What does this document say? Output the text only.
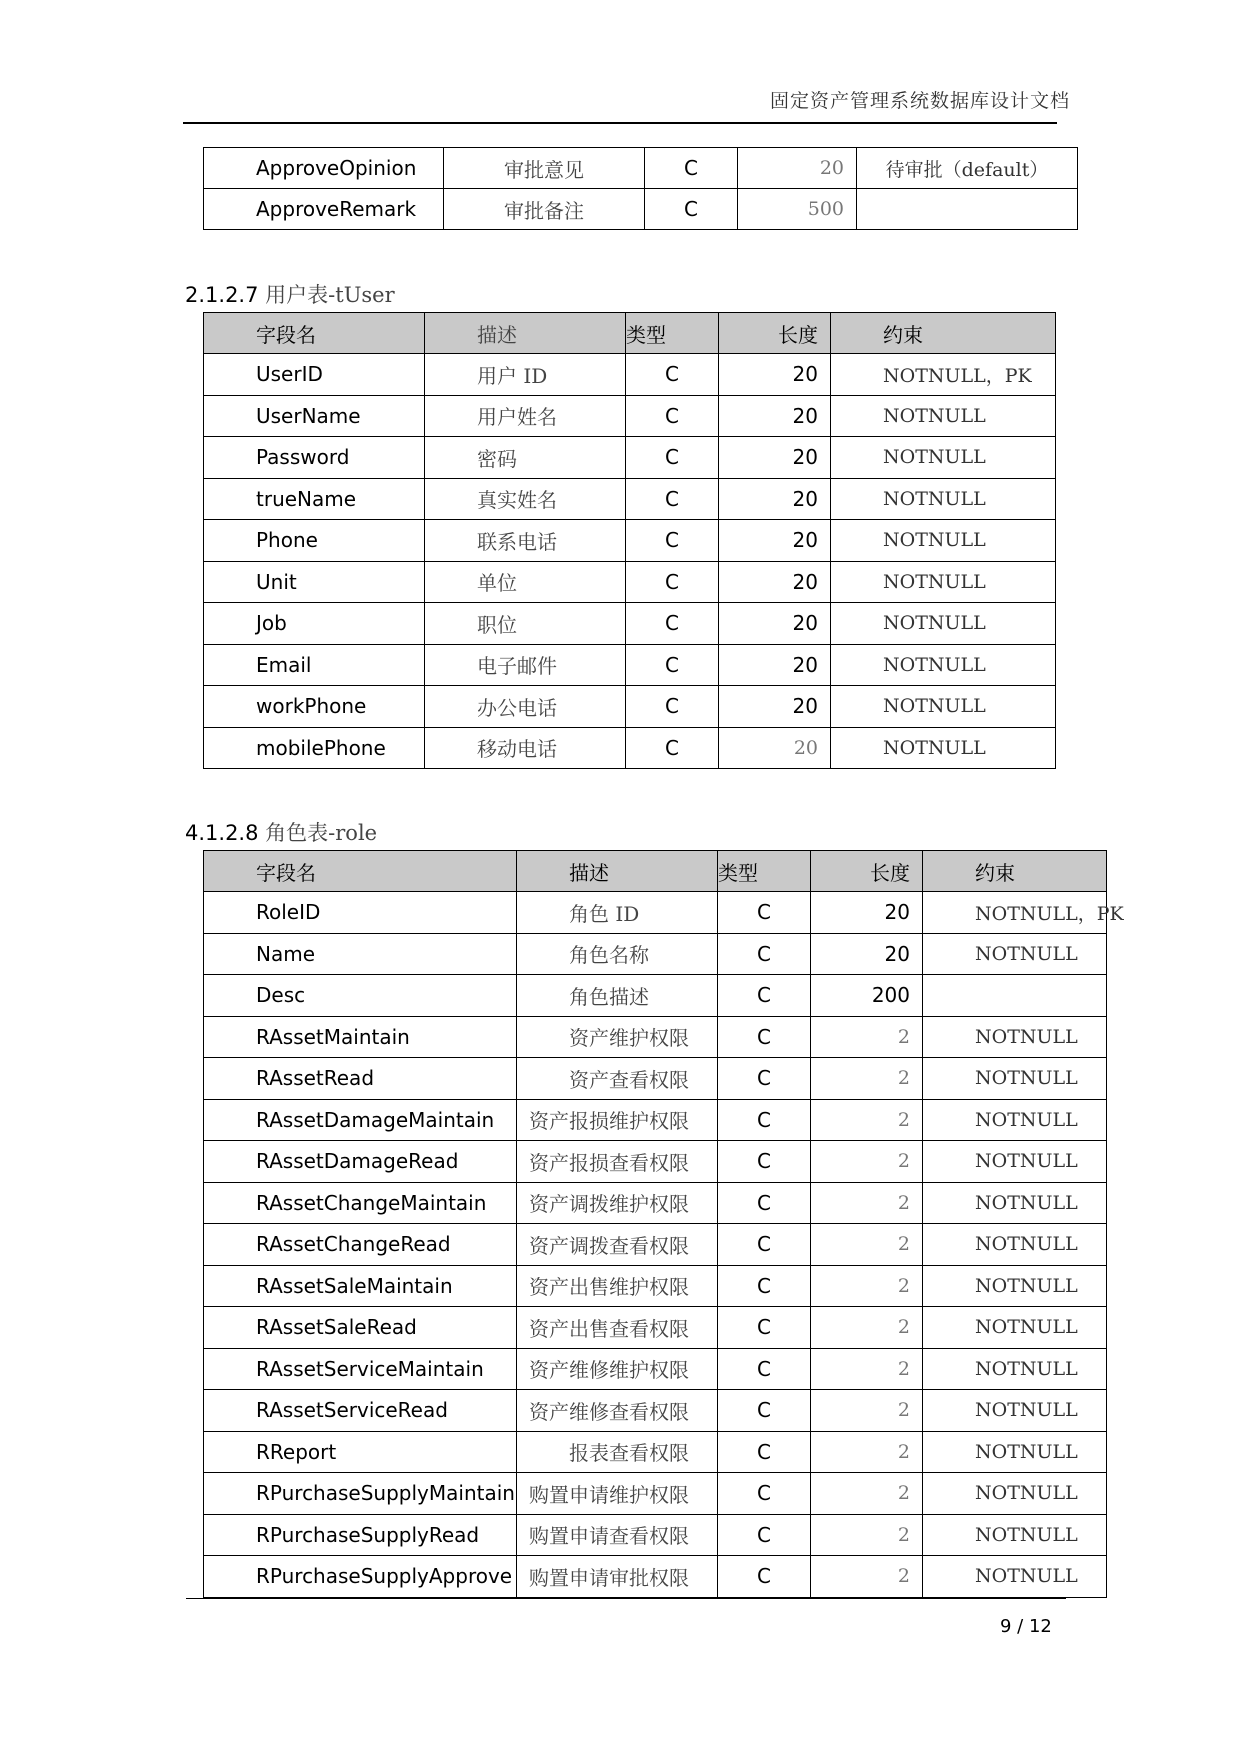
固定资产管理系统数据库设计文档
ApproveOpinion	审批意见	C	20	待审批（default）
ApproveRemark	审批备注	C	500	
2.1.2.7 用户表-tUser
字段名	描述	类型	长度	约束
UserID	用户 ID	C	20	NOTNULL，PK
UserName	用户姓名	C	20	NOTNULL
Password	密码	C	20	NOTNULL
trueName	真实姓名	C	20	NOTNULL
Phone	联系电话	C	20	NOTNULL
Unit	单位	C	20	NOTNULL
Job	职位	C	20	NOTNULL
Email	电子邮件	C	20	NOTNULL
workPhone	办公电话	C	20	NOTNULL
mobilePhone	移动电话	C	20	NOTNULL
4.1.2.8 角色表-role
字段名	描述	类型	长度	约束
RoleID	角色 ID	C	20	NOTNULL，PK
Name	角色名称	C	20	NOTNULL
Desc	角色描述	C	200	
RAssetMaintain	资产维护权限	C	2	NOTNULL
RAssetRead	资产查看权限	C	2	NOTNULL
RAssetDamageMaintain	资产报损维护权限	C	2	NOTNULL
RAssetDamageRead	资产报损查看权限	C	2	NOTNULL
RAssetChangeMaintain	资产调拨维护权限	C	2	NOTNULL
RAssetChangeRead	资产调拨查看权限	C	2	NOTNULL
RAssetSaleMaintain	资产出售维护权限	C	2	NOTNULL
RAssetSaleRead	资产出售查看权限	C	2	NOTNULL
RAssetServiceMaintain	资产维修维护权限	C	2	NOTNULL
RAssetServiceRead	资产维修查看权限	C	2	NOTNULL
RReport	报表查看权限	C	2	NOTNULL
RPurchaseSupplyMaintain	购置申请维护权限	C	2	NOTNULL
RPurchaseSupplyRead	购置申请查看权限	C	2	NOTNULL
RPurchaseSupplyApprove	购置申请审批权限	C	2	NOTNULL
9 / 12
